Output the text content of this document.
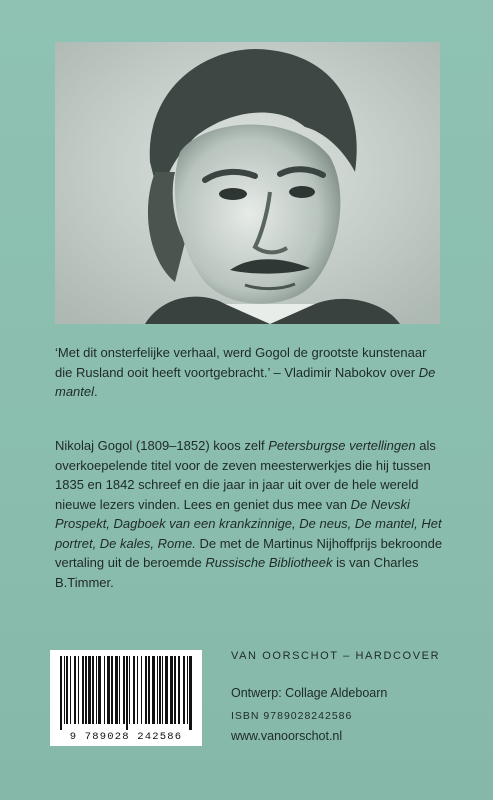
‘Met dit onsterfelijke verhaal, werd Gogol de grootste kunstenaar die Rusland ooit heeft voortgebracht.’ – Vladimir Nabokov over De mantel.

Nikolaj Gogol (1809–1852) koos zelf Petersburgse vertellingen als overkoepelende titel voor de zeven meesterwerkjes die hij tussen 1835 en 1842 schreef en die jaar in jaar uit over de hele wereld nieuwe lezers vinden. Lees en geniet dus mee van De Nevski Prospekt, Dagboek van een krankzinnige, De neus, De mantel, Het portret, De kales, Rome. De met de Martinus Nijhoffprijs bekroonde vertaling uit de beroemde Russische Bibliotheek is van Charles B.Timmer.

9 789028 242586

VAN OORSCHOT – HARDCOVER

Ontwerp: Collage Aldeboarn

ISBN 9789028242586

www.vanoorschot.nl
